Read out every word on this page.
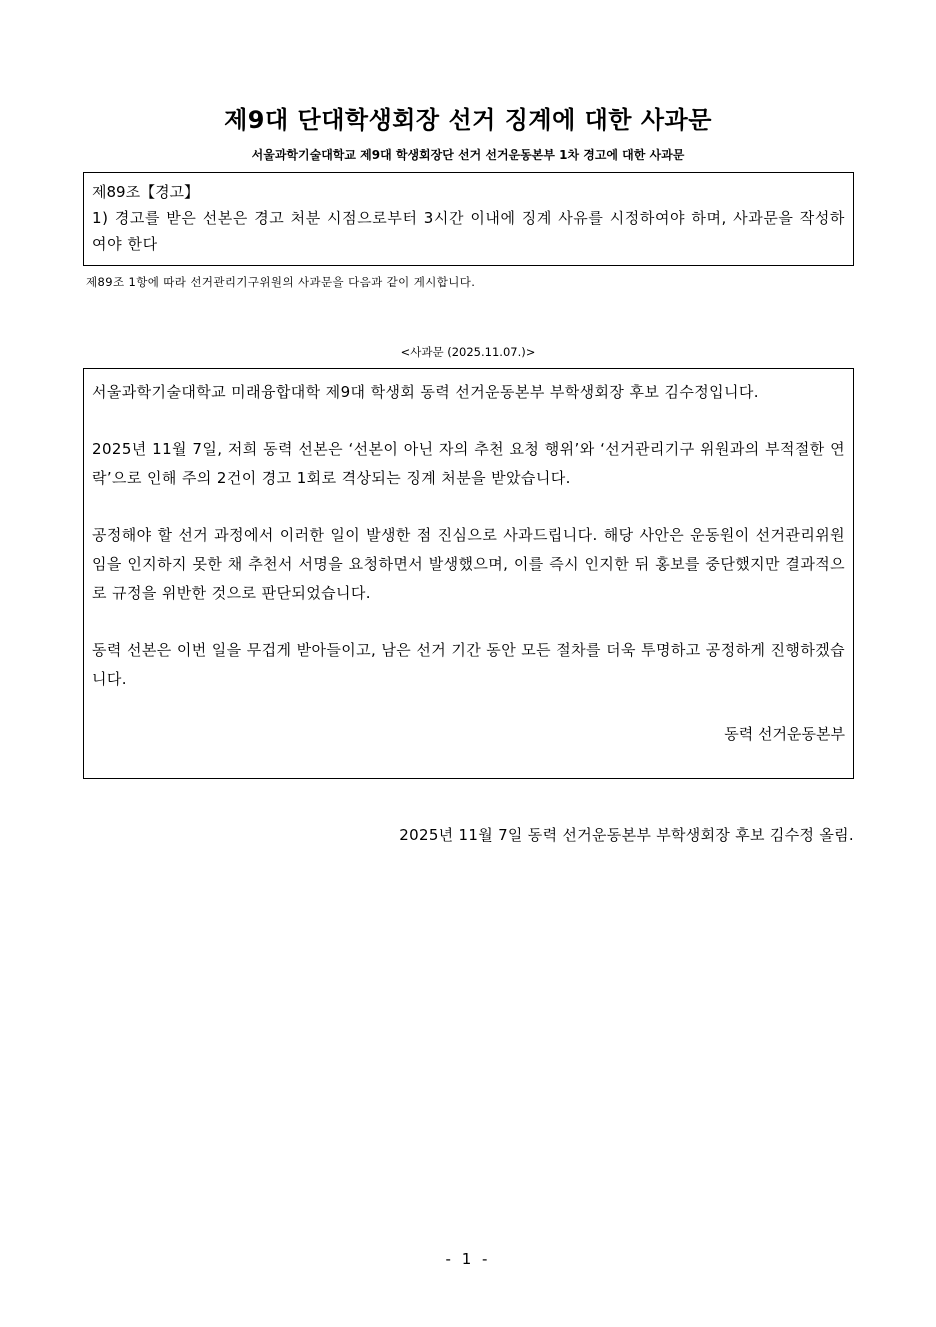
제9대 단대학생회장 선거 징계에 대한 사과문
서울과학기술대학교 제9대 학생회장단 선거 선거운동본부 1차 경고에 대한 사과문
제89조【경고】
1) 경고를 받은 선본은 경고 처분 시점으로부터 3시간 이내에 징계 사유를 시정하여야 하며, 사과문을 작성하여야 한다
제89조 1항에 따라 선거관리기구위원의 사과문을 다음과 같이 게시합니다.
<사과문 (2025.11.07.)>

서울과학기술대학교 미래융합대학 제9대 학생회 동력 선거운동본부 부학생회장 후보 김수정입니다.

2025년 11월 7일, 저희 동력 선본은 ‘선본이 아닌 자의 추천 요청 행위’와 ‘선거관리기구 위원과의 부적절한 연락’으로 인해 주의 2건이 경고 1회로 격상되는 징계 처분을 받았습니다.

공정해야 할 선거 과정에서 이러한 일이 발생한 점 진심으로 사과드립니다. 해당 사안은 운동원이 선거관리위원임을 인지하지 못한 채 추천서 서명을 요청하면서 발생했으며, 이를 즉시 인지한 뒤 홍보를 중단했지만 결과적으로 규정을 위반한 것으로 판단되었습니다.

동력 선본은 이번 일을 무겁게 받아들이고, 남은 선거 기간 동안 모든 절차를 더욱 투명하고 공정하게 진행하겠습니다.

동력 선거운동본부
2025년 11월 7일 동력 선거운동본부 부학생회장 후보 김수정 올림.
- 1 -
